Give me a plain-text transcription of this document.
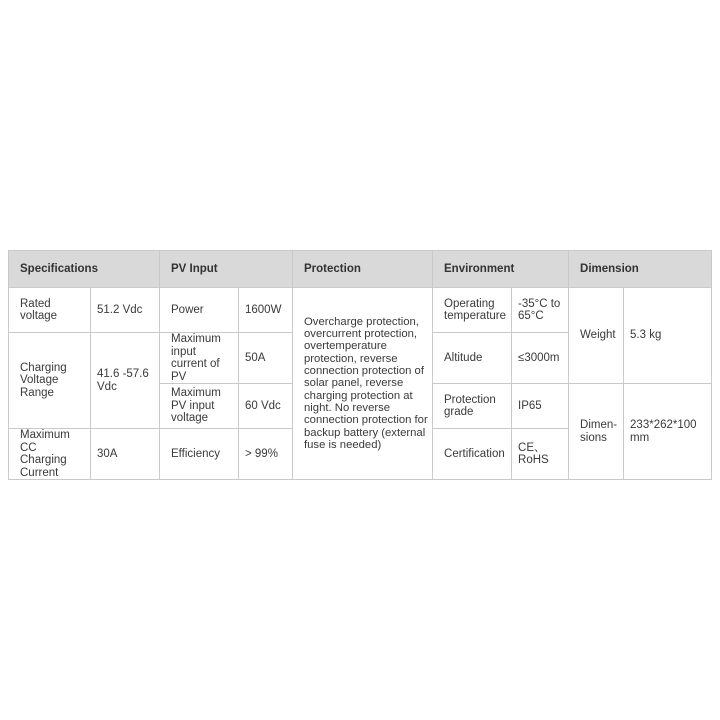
Specifications		PV Input		Protection	Environment		Dimension	
Rated voltage	51.2 Vdc	Power	1600W	Overcharge protection, overcurrent protection, overtemperature protection, reverse connection protection of solar panel, reverse charging protection at night. No reverse connection protection for backup battery (external fuse is needed)	Operating temperature	-35°C to 65°C	Weight	5.3 kg
Charging Voltage Range	41.6 -57.6 Vdc	Maximum input current of PV	50A		Altitude	≤3000m		
		Maximum PV input voltage	60 Vdc		Protection grade	IP65	Dimen-sions	233*262*100 mm
Maximum CC Charging Current	30A	Efficiency	> 99%		Certification	CE、RoHS		
